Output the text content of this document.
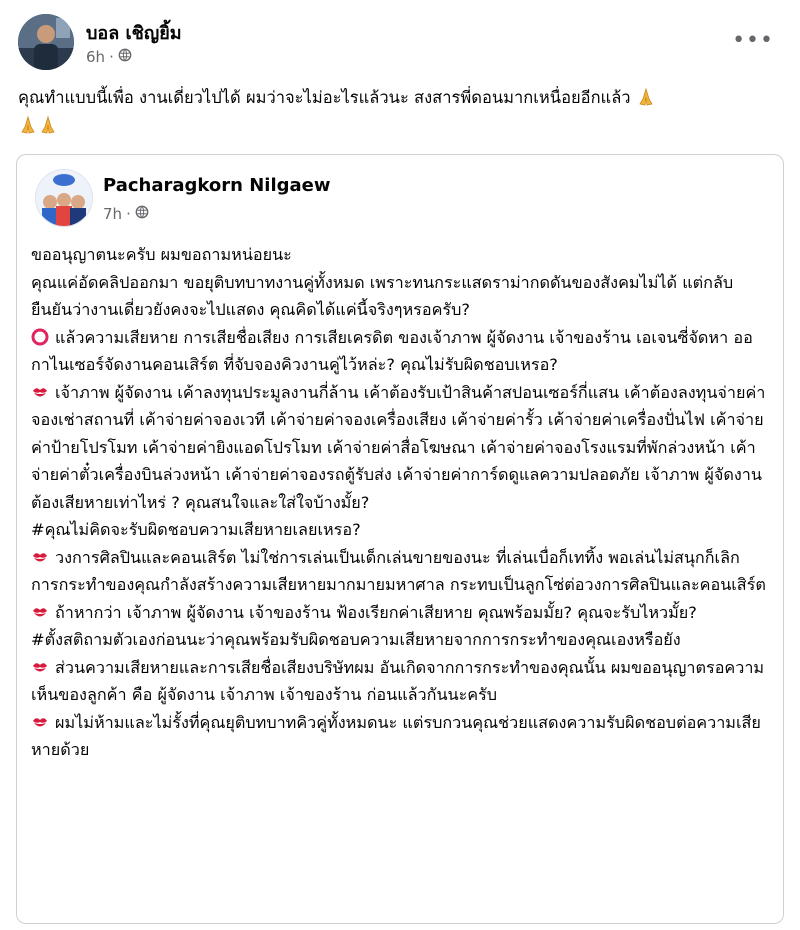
บอล เชิญยิ้ม
6h ·
•••
คุณทำแบบนี้เพื่อ งานเดี่ยวไปได้ ผมว่าจะไม่อะไรแล้วนะ สงสารพี่ดอนมากเหนื่อยอีกแล้ว

Pacharagkorn Nilgaew
7h ·

ขออนุญาตนะครับ ผมขอถามหน่อยนะ

คุณแค่อัดคลิปออกมา ขอยุติบทบาทงานคู่ทั้งหมด เพราะทนกระแสดราม่ากดดันของสังคมไม่ได้ แต่กลับยืนยันว่างานเดี่ยวยังคงจะไปแสดง คุณคิดได้แค่นี้จริงๆหรอครับ?

แล้วความเสียหาย การเสียชื่อเสียง การเสียเครดิต ของเจ้าภาพ ผู้จัดงาน เจ้าของร้าน เอเจนซี่จัดหา ออกาไนเซอร์จัดงานคอนเสิร์ต ที่จับจองคิวงานคู่ไว้หล่ะ? คุณไม่รับผิดชอบเหรอ?

เจ้าภาพ ผู้จัดงาน เค้าลงทุนประมูลงานกี่ล้าน เค้าต้องรับเป้าสินค้าสปอนเซอร์กี่แสน เค้าต้องลงทุนจ่ายค่าจองเช่าสถานที่ เค้าจ่ายค่าจองเวที เค้าจ่ายค่าจองเครื่องเสียง เค้าจ่ายค่ารั้ว เค้าจ่ายค่าเครื่องปั่นไฟ เค้าจ่ายค่าป้ายโปรโมท เค้าจ่ายค่ายิงแอดโปรโมท เค้าจ่ายค่าสื่อโฆษณา เค้าจ่ายค่าจองโรงแรมที่พักล่วงหน้า เค้าจ่ายค่าตั๋วเครื่องบินล่วงหน้า เค้าจ่ายค่าจองรถตู้รับส่ง เค้าจ่ายค่าการ์ดดูแลความปลอดภัย เจ้าภาพ ผู้จัดงานต้องเสียหายเท่าไหร่ ? คุณสนใจและใส่ใจบ้างมั้ย?

#คุณไม่คิดจะรับผิดชอบความเสียหายเลยเหรอ?

วงการศิลปินและคอนเสิร์ต ไม่ใช่การเล่นเป็นเด็กเล่นขายของนะ ที่เล่นเบื่อก็เททิ้ง พอเล่นไม่สนุกก็เลิก การกระทำของคุณกำลังสร้างความเสียหายมากมายมหาศาล กระทบเป็นลูกโซ่ต่อวงการศิลปินและคอนเสิร์ต

ถ้าหากว่า เจ้าภาพ ผู้จัดงาน เจ้าของร้าน ฟ้องเรียกค่าเสียหาย คุณพร้อมมั้ย? คุณจะรับไหวมั้ย?

#ตั้งสติถามตัวเองก่อนนะว่าคุณพร้อมรับผิดชอบความเสียหายจากการกระทำของคุณเองหรือยัง

ส่วนความเสียหายและการเสียชื่อเสียงบริษัทผม อันเกิดจากการกระทำของคุณนั้น ผมขออนุญาตรอความเห็นของลูกค้า คือ ผู้จัดงาน เจ้าภาพ เจ้าของร้าน ก่อนแล้วกันนะครับ

ผมไม่ห้ามและไม่รั้งที่คุณยุติบทบาทคิวคู่ทั้งหมดนะ แต่รบกวนคุณช่วยแสดงความรับผิดชอบต่อความเสียหายด้วย
